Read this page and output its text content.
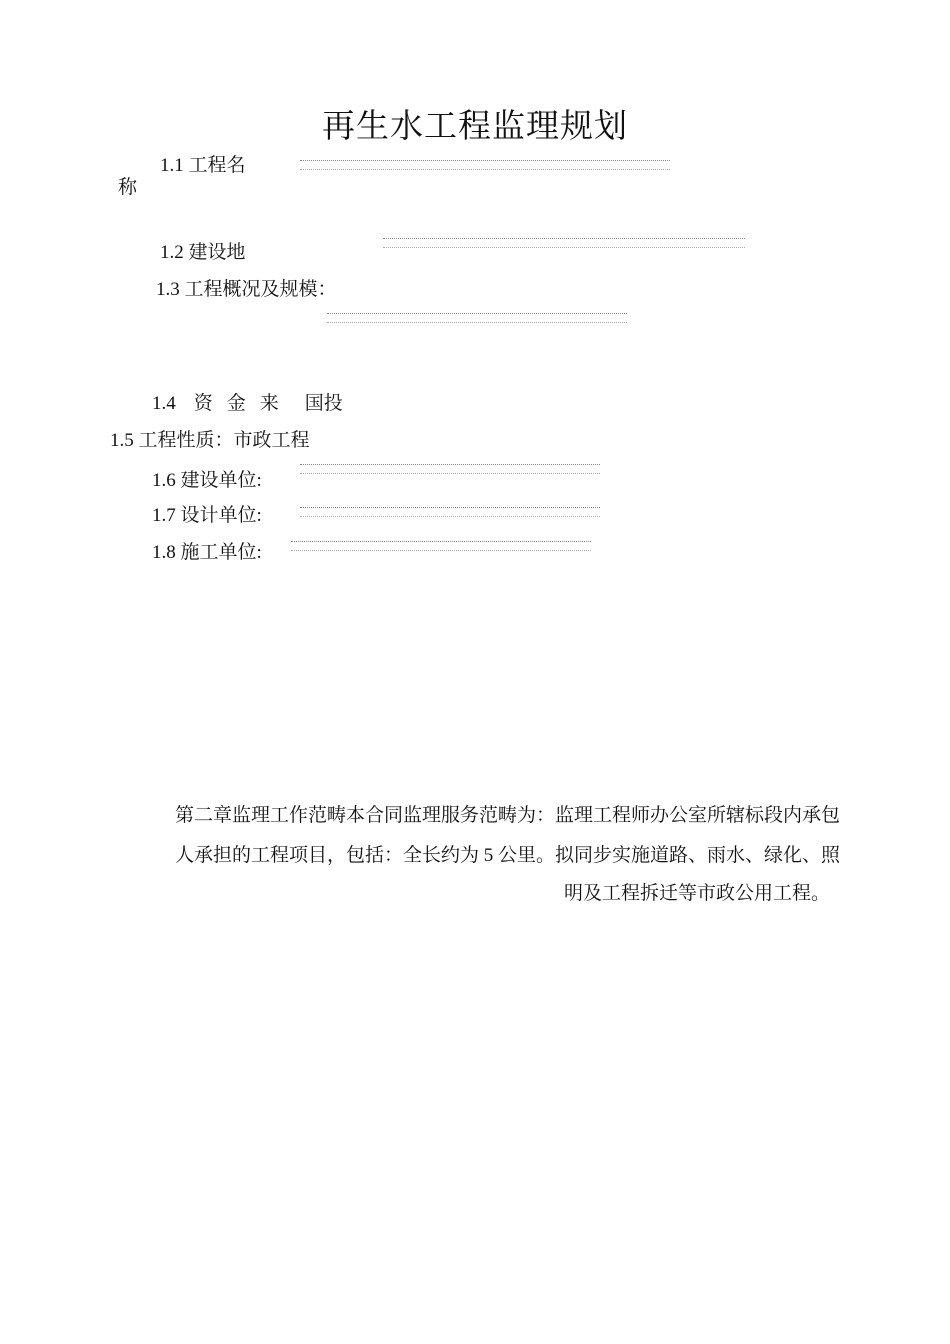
再生水工程监理规划
1.1 工程名
称
1.2 建设地
1.3 工程概况及规模：
1.4 资 金 来 国投
1.5 工程性质：市政工程
1.6 建设单位:
1.7 设计单位:
1.8 施工单位:
第二章监理工作范畴本合同监理服务范畴为：监理工程师办公室所辖标段内承包
人承担的工程项目，包括：全长约为 5 公里。拟同步实施道路、雨水、绿化、照
明及工程拆迁等市政公用工程。
